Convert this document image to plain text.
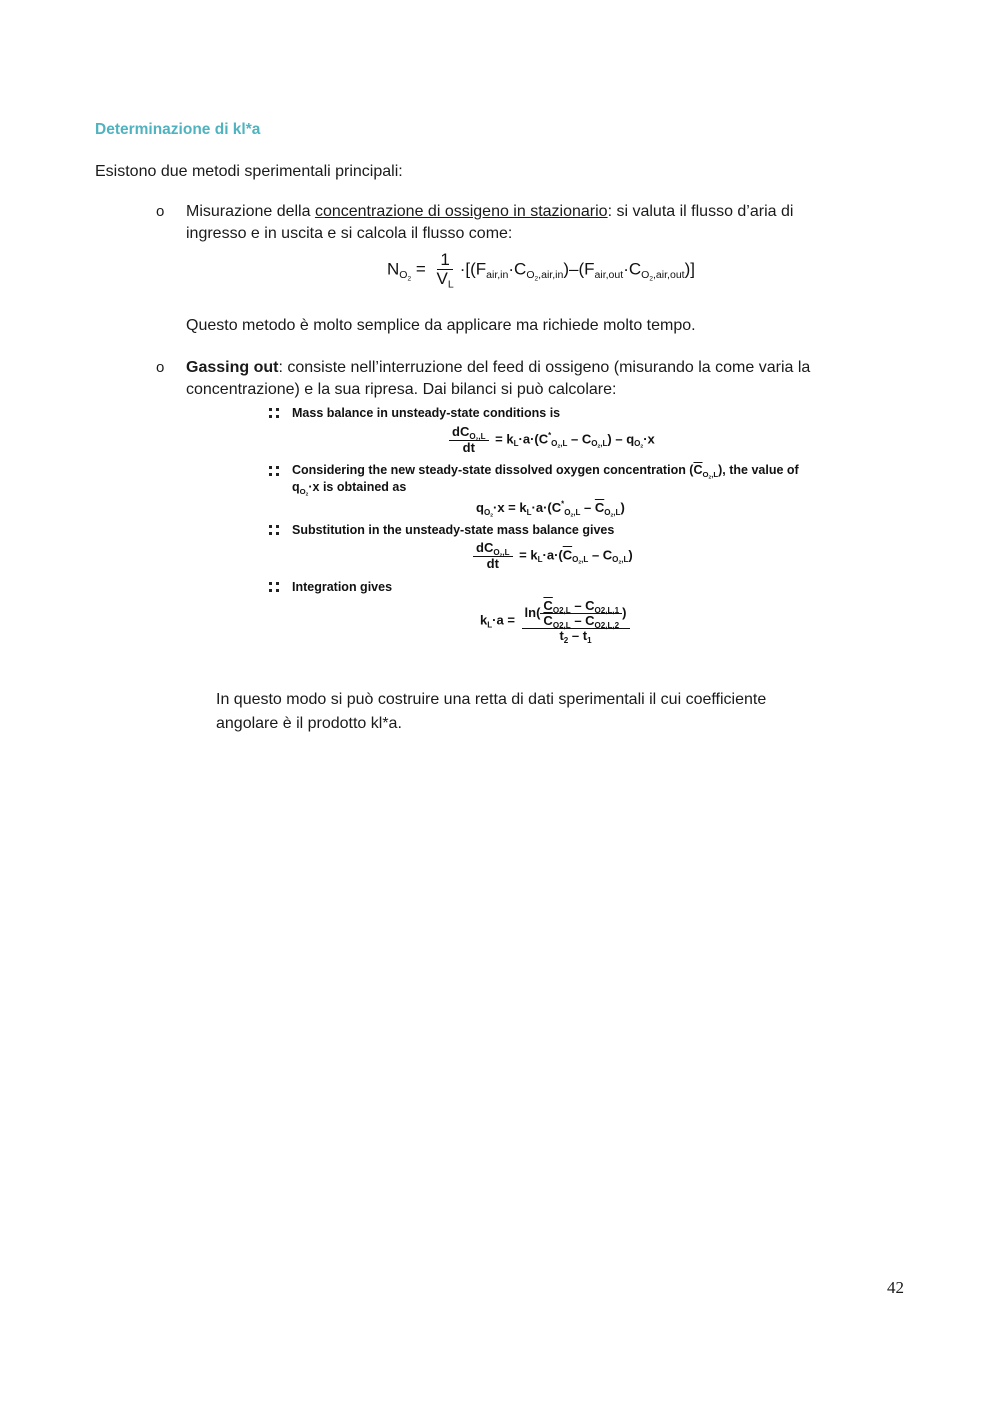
Determinazione di kl*a
Esistono due metodi sperimentali principali:
o Misurazione della concentrazione di ossigeno in stazionario: si valuta il flusso d’aria di
ingresso e in uscita e si calcola il flusso come:
$N_{O_2} = \frac{1}{V_L} \cdot[(F_{air,in}\cdot C_{O_2,air,in})-(F_{air,out}\cdot C_{O_2,air,out})]$
Questo metodo è molto semplice da applicare ma richiede molto tempo.
o Gassing out: consiste nell’interruzione del feed di ossigeno (misurando la come varia la
concentrazione) e la sua ripresa. Dai bilanci si può calcolare:
Mass balance in unsteady-state conditions is
$\frac{dC_{O_2,L}}{dt} = k_L\cdot a\cdot(C^*_{O_2,L} - C_{O_2,L}) - q_{O_2}\cdot x$
Considering the new steady-state dissolved oxygen concentration $(\overline{C}_{O_2,L})$, the value of
$q_{O_2}\cdot x$ is obtained as
$q_{O_2}\cdot x = k_L\cdot a\cdot(C^*_{O_2,L} - \overline{C}_{O_2,L})$
Substitution in the unsteady-state mass balance gives
$\frac{dC_{O_2,L}}{dt} = k_L\cdot a\cdot(\overline{C}_{O_2,L} - C_{O_2,L})$
Integration gives
$k_L\cdot a = \frac{\ln( \frac{\overline{C}_{O2,L} - C_{O2,L,1}}{\overline{C}_{O2,L} - C_{O2,L,2}} )}{t_2 - t_1}$
In questo modo si può costruire una retta di dati sperimentali il cui coefficiente
angolare è il prodotto kl*a.
42
